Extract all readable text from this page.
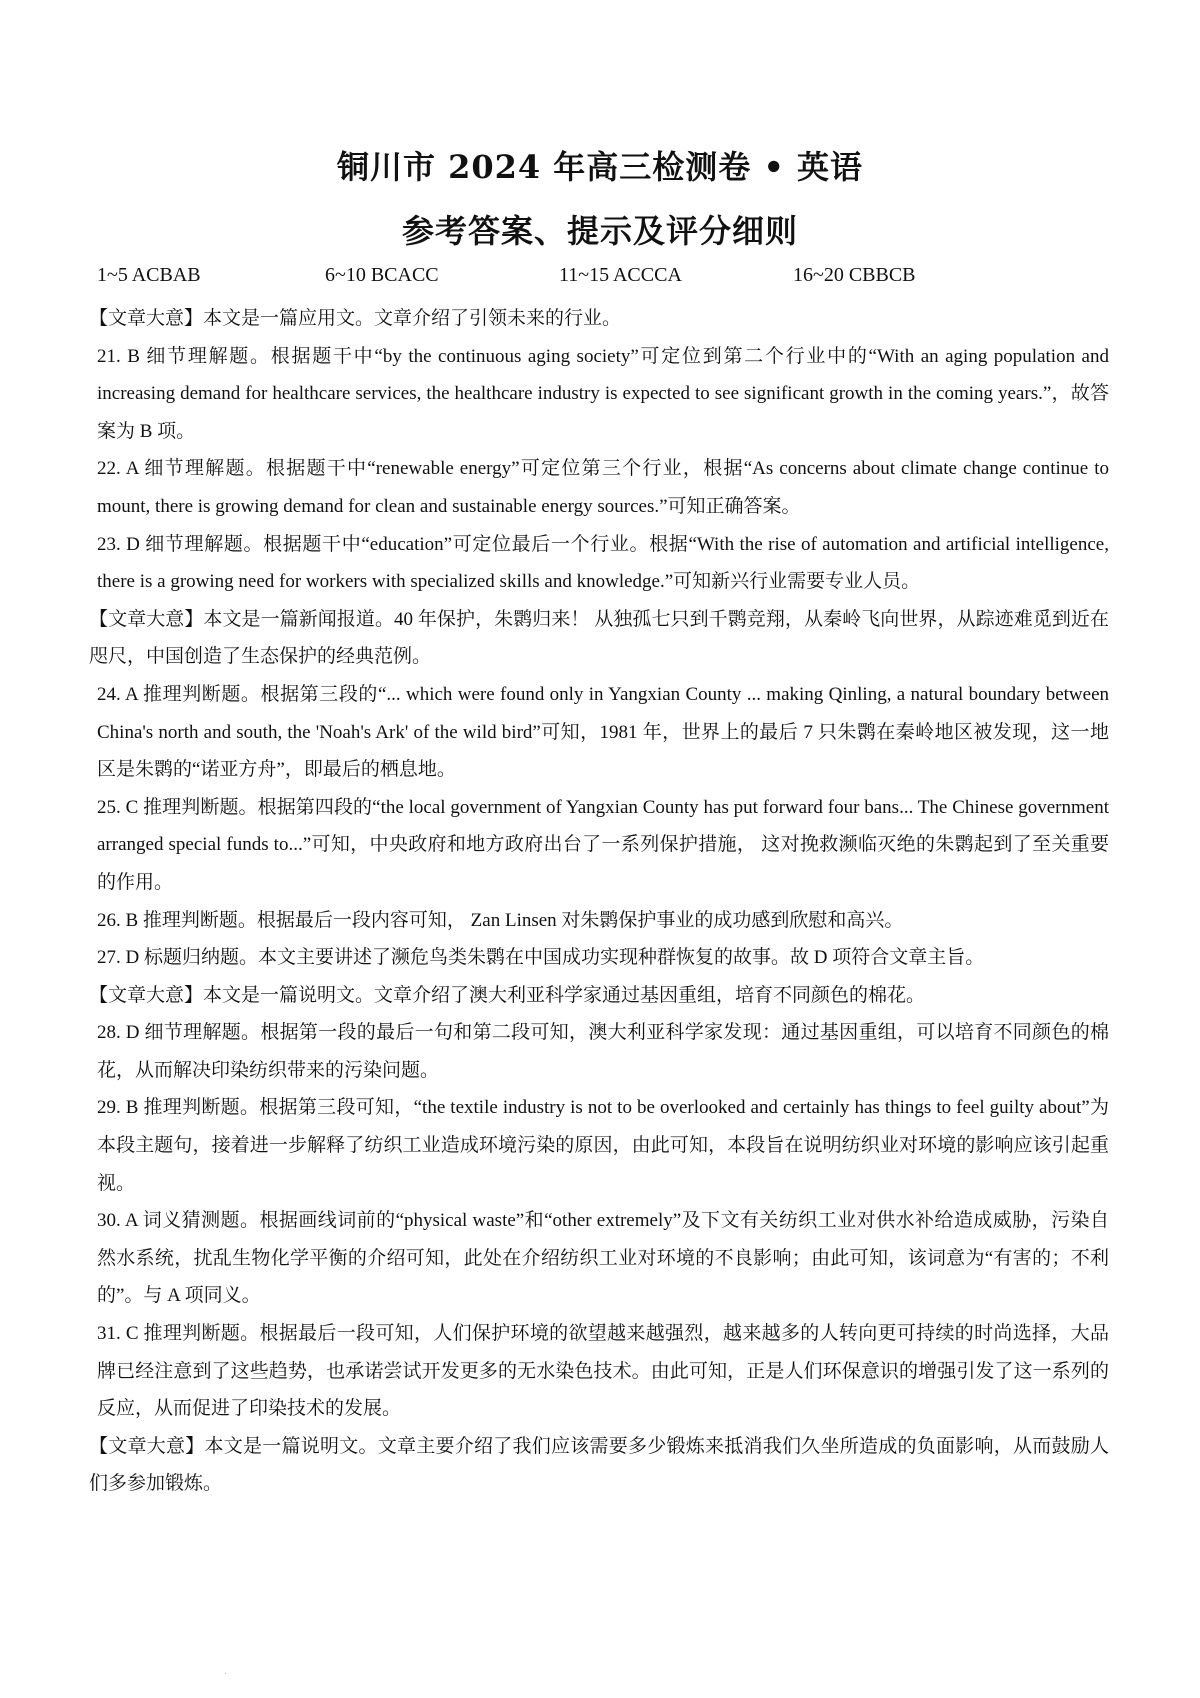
铜川市 2024 年高三检测卷 • 英语
参考答案、提示及评分细则
1~5 ACBAB	6~10 BCACC	11~15 ACCCA	16~20 CBBCB

【文章大意】本文是一篇应用文。文章介绍了引领未来的行业。

21. B 细节理解题。根据题干中“by the continuous aging society”可定位到第二个行业中的“With an aging population and increasing demand for healthcare services, the healthcare industry is expected to see significant growth in the coming years.”，故答案为 B 项。

22. A 细节理解题。根据题干中“renewable energy”可定位第三个行业，根据“As concerns about climate change continue to mount, there is growing demand for clean and sustainable energy sources.”可知正确答案。

23. D 细节理解题。根据题干中“education”可定位最后一个行业。根据“With the rise of automation and artificial intelligence, there is a growing need for workers with specialized skills and knowledge.”可知新兴行业需要专业人员。

【文章大意】本文是一篇新闻报道。40 年保护，朱鹮归来！ 从独孤七只到千鹮竞翔，从秦岭飞向世界，从踪迹难觅到近在咫尺，中国创造了生态保护的经典范例。

24. A 推理判断题。根据第三段的“... which were found only in Yangxian County ... making Qinling, a natural boundary between China's north and south, the 'Noah's Ark' of the wild bird”可知，1981 年，世界上的最后 7 只朱鹮在秦岭地区被发现，这一地区是朱鹮的“诺亚方舟”，即最后的栖息地。

25. C 推理判断题。根据第四段的“the local government of Yangxian County has put forward four bans... The Chinese government arranged special funds to...”可知，中央政府和地方政府出台了一系列保护措施， 这对挽救濒临灭绝的朱鹮起到了至关重要的作用。

26. B 推理判断题。根据最后一段内容可知， Zan Linsen 对朱鹮保护事业的成功感到欣慰和高兴。

27. D 标题归纳题。本文主要讲述了濒危鸟类朱鹮在中国成功实现种群恢复的故事。故 D 项符合文章主旨。

【文章大意】本文是一篇说明文。文章介绍了澳大利亚科学家通过基因重组，培育不同颜色的棉花。

28. D 细节理解题。根据第一段的最后一句和第二段可知，澳大利亚科学家发现：通过基因重组，可以培育不同颜色的棉花，从而解决印染纺织带来的污染问题。

29. B 推理判断题。根据第三段可知，“the textile industry is not to be overlooked and certainly has things to feel guilty about”为本段主题句，接着进一步解释了纺织工业造成环境污染的原因，由此可知，本段旨在说明纺织业对环境的影响应该引起重视。

30. A 词义猜测题。根据画线词前的“physical waste”和“other extremely”及下文有关纺织工业对供水补给造成威胁，污染自然水系统，扰乱生物化学平衡的介绍可知，此处在介绍纺织工业对环境的不良影响；由此可知，该词意为“有害的；不利的”。与 A 项同义。

31. C 推理判断题。根据最后一段可知，人们保护环境的欲望越来越强烈，越来越多的人转向更可持续的时尚选择，大品牌已经注意到了这些趋势，也承诺尝试开发更多的无水染色技术。由此可知，正是人们环保意识的增强引发了这一系列的反应，从而促进了印染技术的发展。

【文章大意】本文是一篇说明文。文章主要介绍了我们应该需要多少锻炼来抵消我们久坐所造成的负面影响，从而鼓励人们多参加锻炼。

.
